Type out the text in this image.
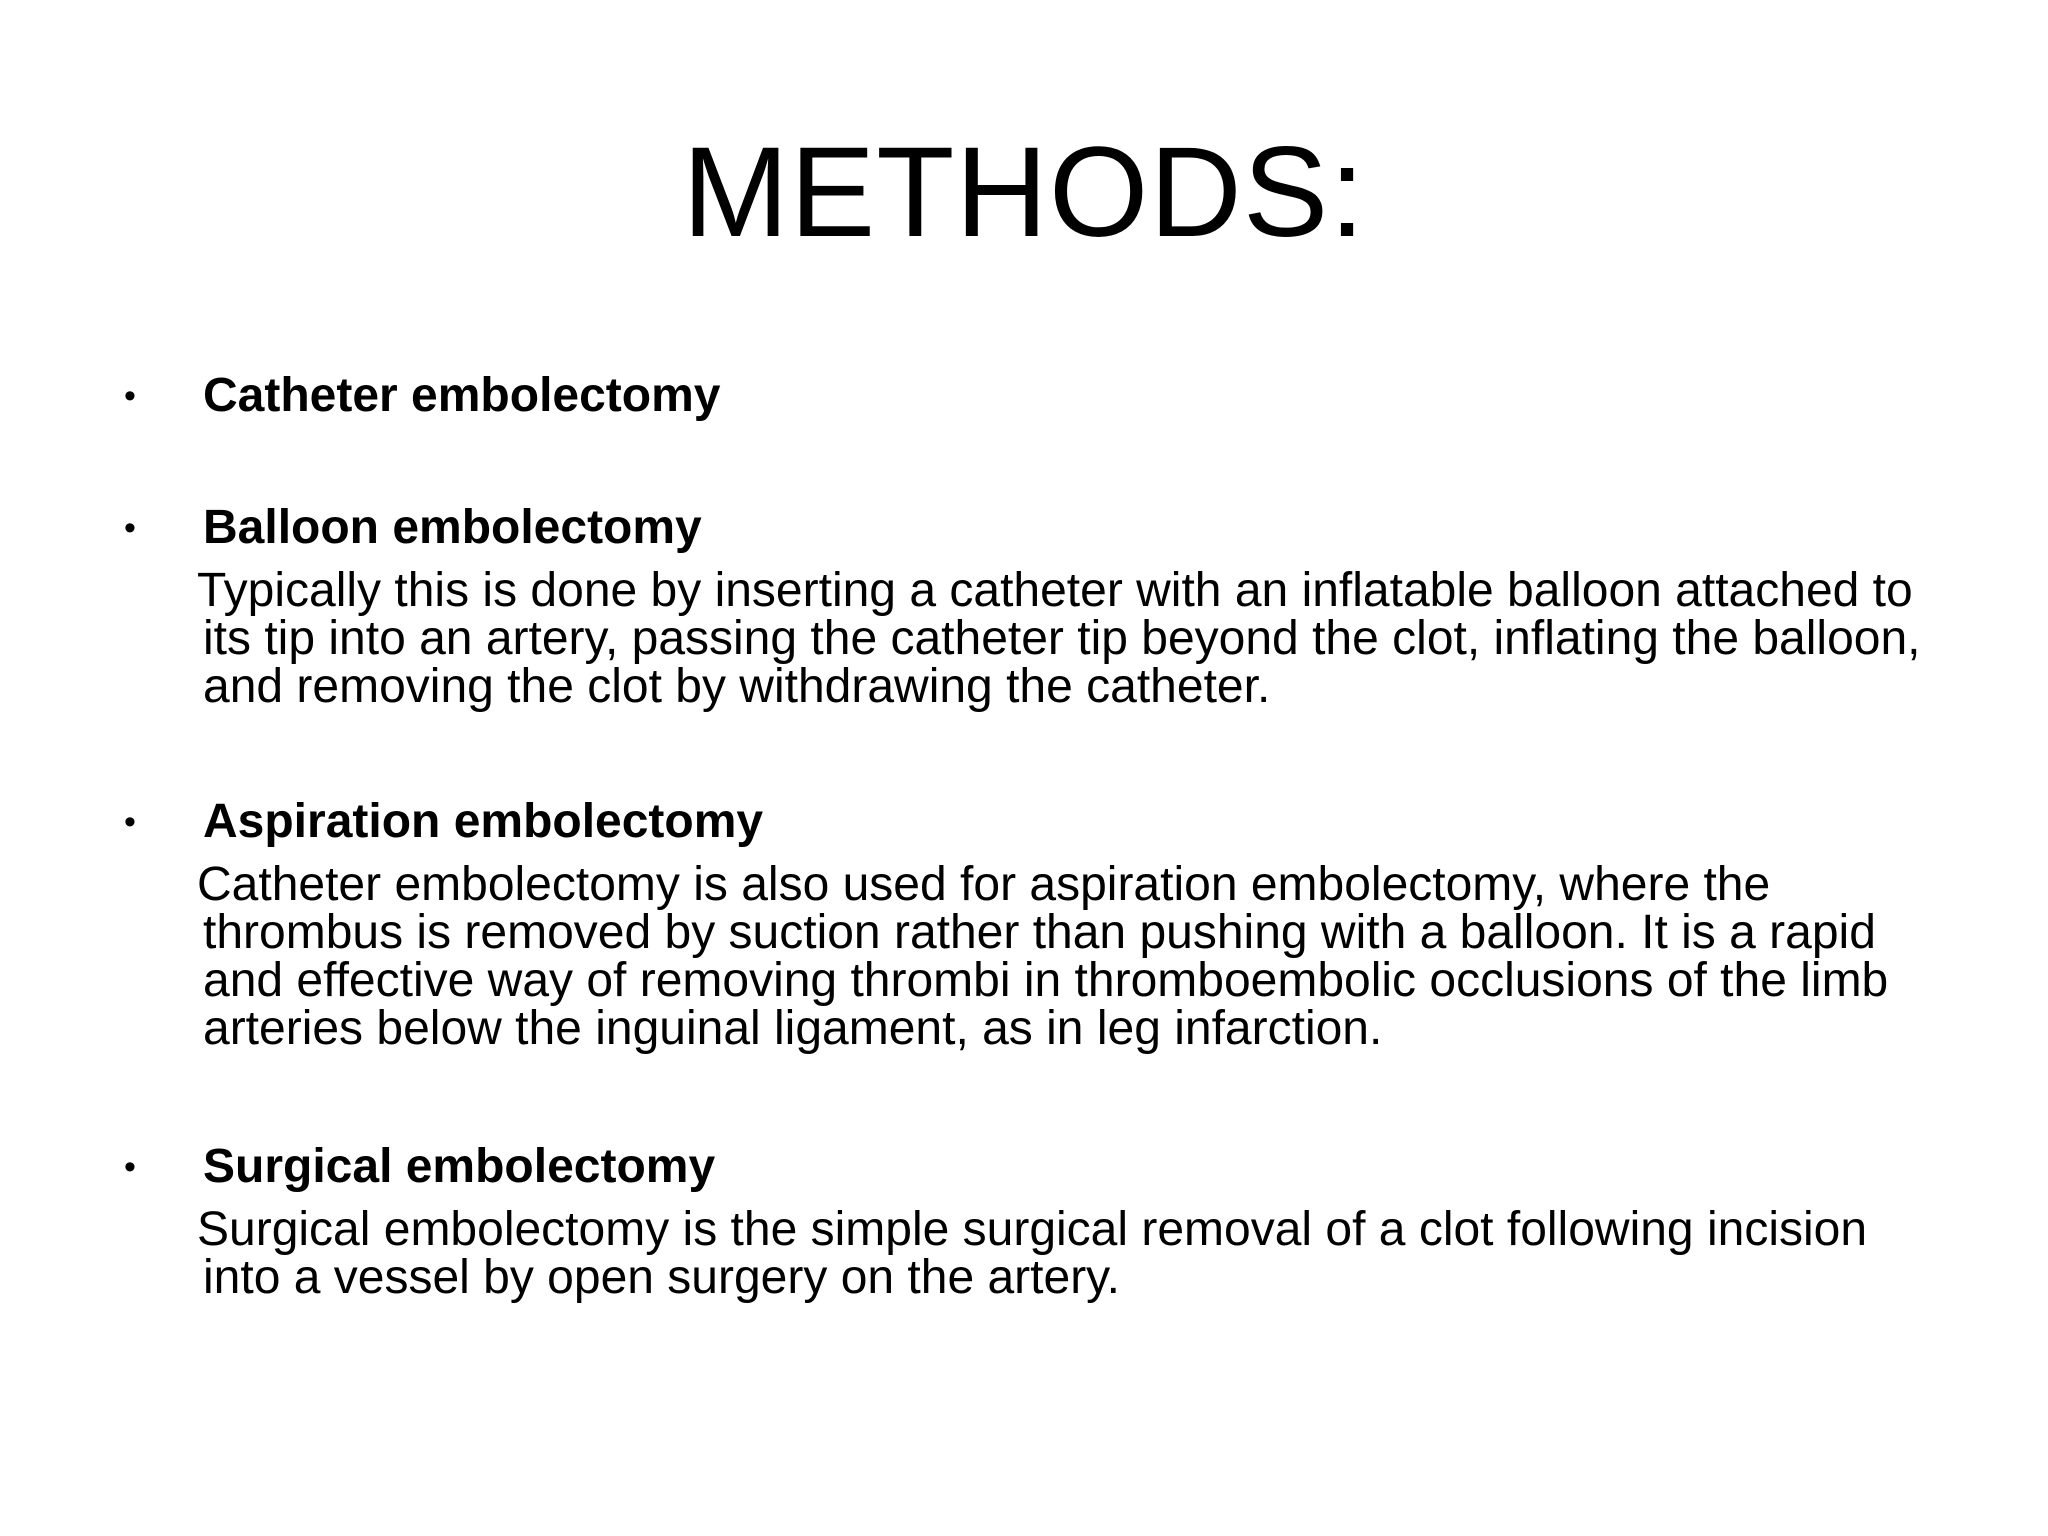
METHODS:
• Catheter embolectomy
• Balloon embolectomy
Typically this is done by inserting a catheter with an inflatable balloon attached to its tip into an artery, passing the catheter tip beyond the clot, inflating the balloon, and removing the clot by withdrawing the catheter.
• Aspiration embolectomy
Catheter embolectomy is also used for aspiration embolectomy, where the thrombus is removed by suction rather than pushing with a balloon. It is a rapid and effective way of removing thrombi in thromboembolic occlusions of the limb arteries below the inguinal ligament, as in leg infarction.
• Surgical embolectomy
Surgical embolectomy is the simple surgical removal of a clot following incision into a vessel by open surgery on the artery.
